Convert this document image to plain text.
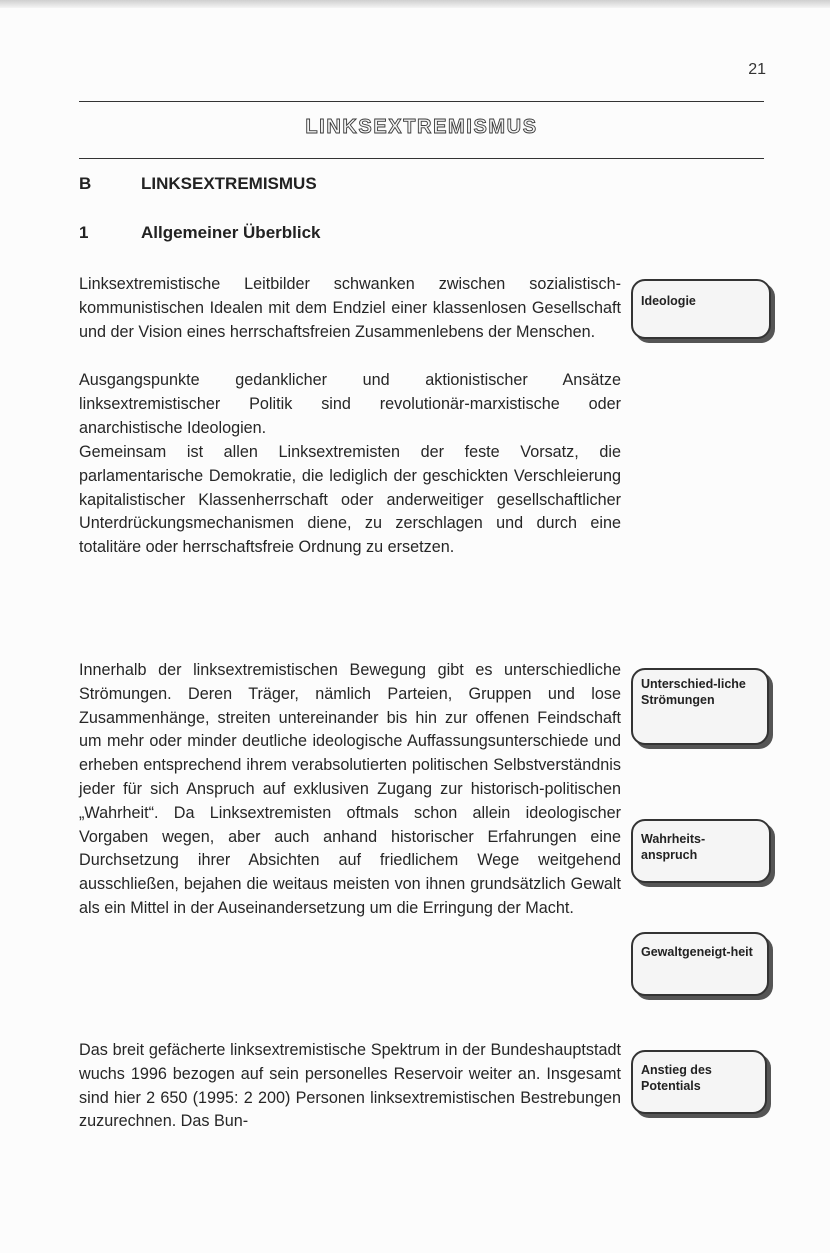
21
LINKSEXTREMISMUS
B	LINKSEXTREMISMUS
1	Allgemeiner Überblick

Linksextremistische Leitbilder schwanken zwischen sozialistisch-kommunistischen Idealen mit dem Endziel einer klassenlosen Gesellschaft und der Vision eines herrschaftsfreien Zusammenlebens der Menschen.

Ausgangspunkte gedanklicher und aktionistischer Ansätze linksextremistischer Politik sind revolutionär-marxistische oder anarchistische Ideologien.

Gemeinsam ist allen Linksextremisten der feste Vorsatz, die parlamentarische Demokratie, die lediglich der geschickten Verschleierung kapitalistischer Klassenherrschaft oder anderweitiger gesellschaftlicher Unterdrückungsmechanismen diene, zu zerschlagen und durch eine totalitäre oder herrschaftsfreie Ordnung zu ersetzen.

Innerhalb der linksextremistischen Bewegung gibt es unterschiedliche Strömungen. Deren Träger, nämlich Parteien, Gruppen und lose Zusammenhänge, streiten untereinander bis hin zur offenen Feindschaft um mehr oder minder deutliche ideologische Auffassungsunterschiede und erheben entsprechend ihrem verabsolutierten politischen Selbstverständnis jeder für sich Anspruch auf exklusiven Zugang zur historisch-politischen „Wahrheit“. Da Linksextremisten oftmals schon allein ideologischer Vorgaben wegen, aber auch anhand historischer Erfahrungen eine Durchsetzung ihrer Absichten auf friedlichem Wege weitgehend ausschließen, bejahen die weitaus meisten von ihnen grundsätzlich Gewalt als ein Mittel in der Auseinandersetzung um die Erringung der Macht.

Das breit gefächerte linksextremistische Spektrum in der Bundeshauptstadt wuchs 1996 bezogen auf sein personelles Reservoir weiter an. Insgesamt sind hier 2 650 (1995: 2 200) Personen linksextremistischen Bestrebungen zuzurechnen. Das Bun-

Ideologie
Unterschied-liche Strömungen
Wahrheits-anspruch
Gewaltgeneigt-heit
Anstieg des Potentials
